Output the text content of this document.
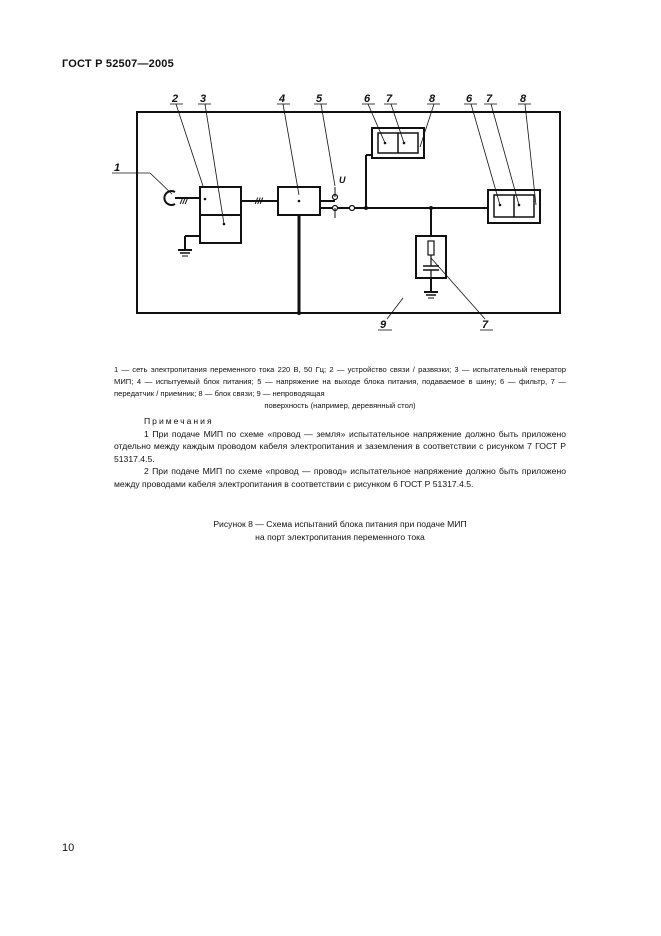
ГОСТ Р 52507—2005
///	///
1
2 3	4	5	6 7	8	6 7	8
U
9	7
1 — сеть электропитания переменного тока 220 В, 50 Гц; 2 — устройство связи / развязки; 3 — испытательный генератор МИП; 4 — испытуемый блок питания; 5 — напряжение на выходе блока питания, подаваемое в шину; 6 — фильтр, 7 — передатчик / приемник; 8 — блок связи; 9 — непроводящая
поверхность (например, деревянный стол)
Примечания

1 При подаче МИП по схеме «провод — земля» испытательное напряжение должно быть приложено отдельно между каждым проводом кабеля электропитания и заземления в соответствии с рисунком 7 ГОСТ Р 51317.4.5.

2 При подаче МИП по схеме «провод — провод» испытательное напряжение должно быть приложено между проводами кабеля электропитания в соответствии с рисунком 6 ГОСТ Р 51317.4.5.

Рисунок 8 — Схема испытаний блока питания при подаче МИП
на порт электропитания переменного тока
10
